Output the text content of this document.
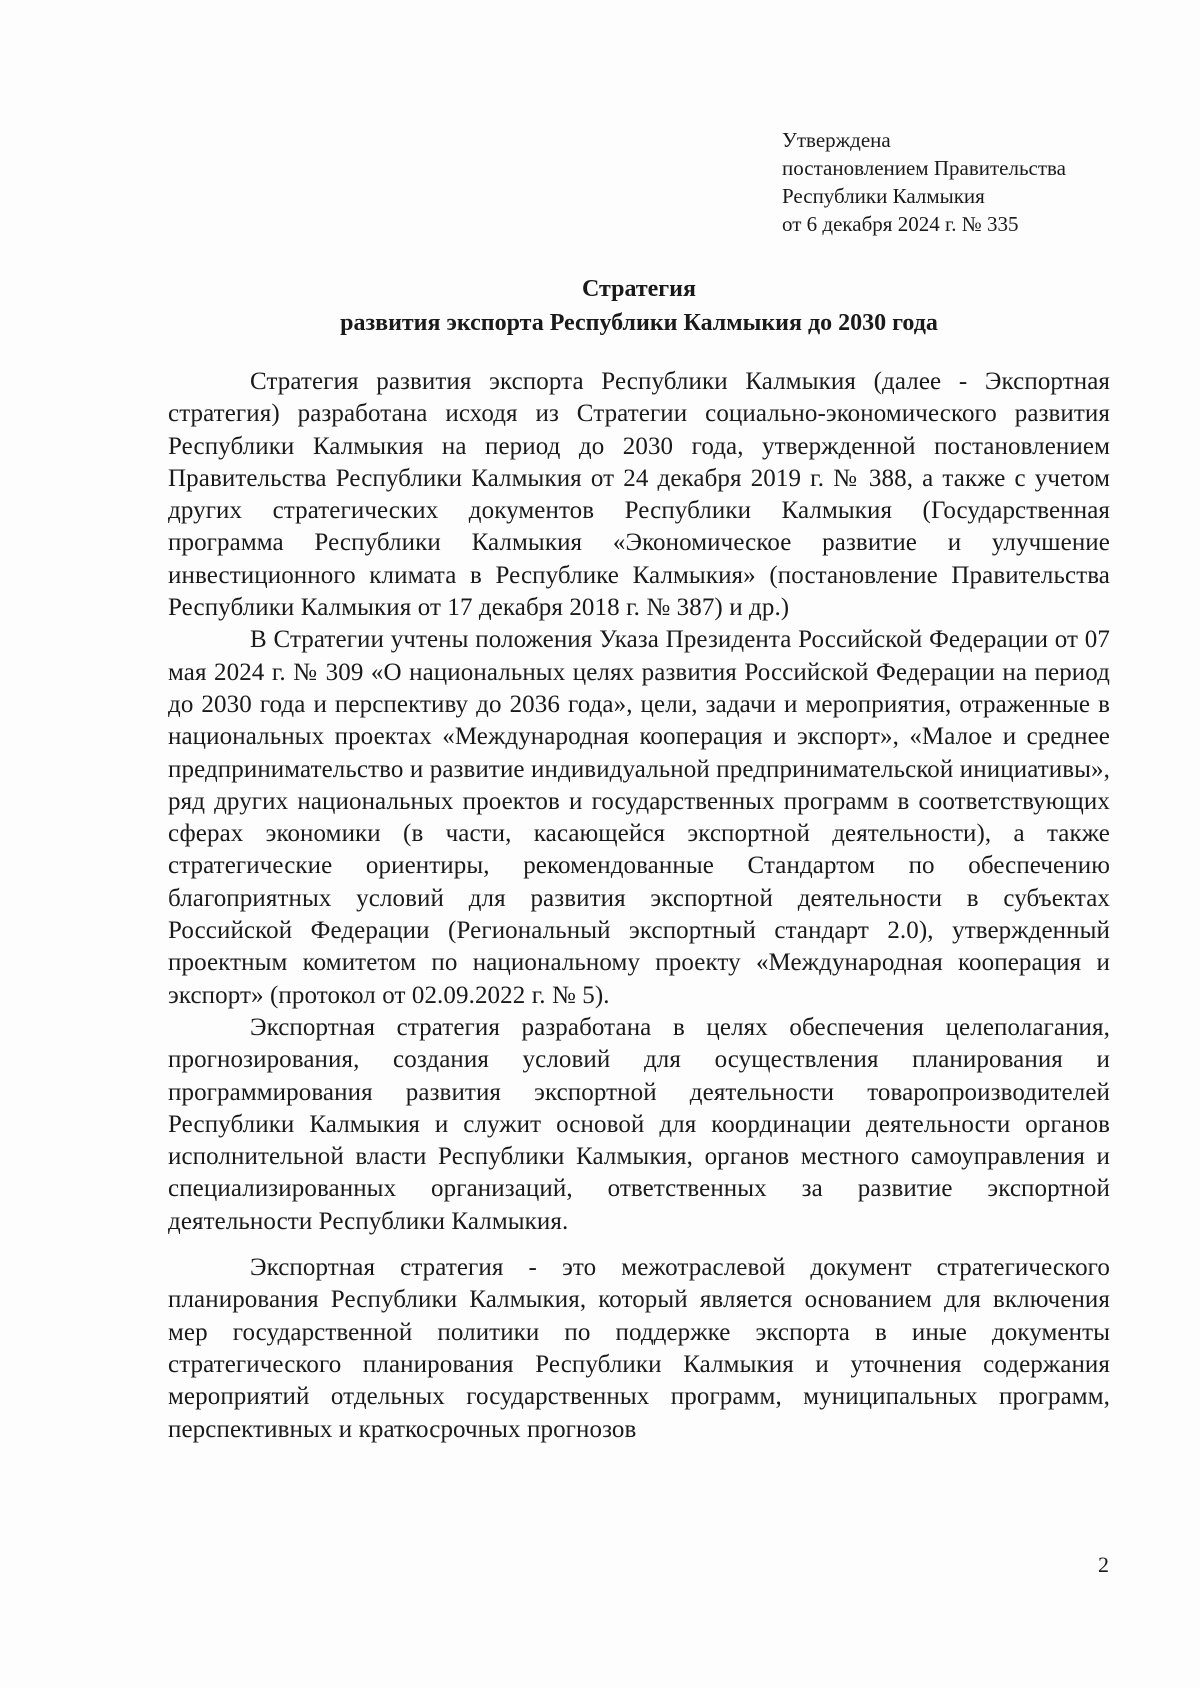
Утверждена
постановлением Правительства
Республики Калмыкия
от 6 декабря 2024 г. № 335
Стратегия
развития экспорта Республики Калмыкия до 2030 года

Стратегия развития экспорта Республики Калмыкия (далее - Экспортная стратегия) разработана исходя из Стратегии социально-экономического развития Республики Калмыкия на период до 2030 года, утвержденной постановлением Правительства Республики Калмыкия от 24 декабря 2019 г. № 388, а также с учетом других стратегических документов Республики Калмыкия (Государственная программа Республики Калмыкия «Экономическое развитие и улучшение инвестиционного климата в Республике Калмыкия» (постановление Правительства Республики Калмыкия от 17 декабря 2018 г. № 387) и др.)

В Стратегии учтены положения Указа Президента Российской Федерации от 07 мая 2024 г. № 309 «О национальных целях развития Российской Федерации на период до 2030 года и перспективу до 2036 года», цели, задачи и мероприятия, отраженные в национальных проектах «Международная кооперация и экспорт», «Малое и среднее предпринимательство и развитие индивидуальной предпринимательской инициативы», ряд других национальных проектов и государственных программ в соответствующих сферах экономики (в части, касающейся экспортной деятельности), а также стратегические ориентиры, рекомендованные Стандартом по обеспечению благоприятных условий для развития экспортной деятельности в субъектах Российской Федерации (Региональный экспортный стандарт 2.0), утвержденный проектным комитетом по национальному проекту «Международная кооперация и экспорт» (протокол от 02.09.2022 г. № 5).

Экспортная стратегия разработана в целях обеспечения целеполагания, прогнозирования, создания условий для осуществления планирования и программирования развития экспортной деятельности товаропроизводителей Республики Калмыкия и служит основой для координации деятельности органов исполнительной власти Республики Калмыкия, органов местного самоуправления и специализированных организаций, ответственных за развитие экспортной деятельности Республики Калмыкия.

Экспортная стратегия - это межотраслевой документ стратегического планирования Республики Калмыкия, который является основанием для включения мер государственной политики по поддержке экспорта в иные документы стратегического планирования Республики Калмыкия и уточнения содержания мероприятий отдельных государственных программ, муниципальных программ, перспективных и краткосрочных прогнозов

2
